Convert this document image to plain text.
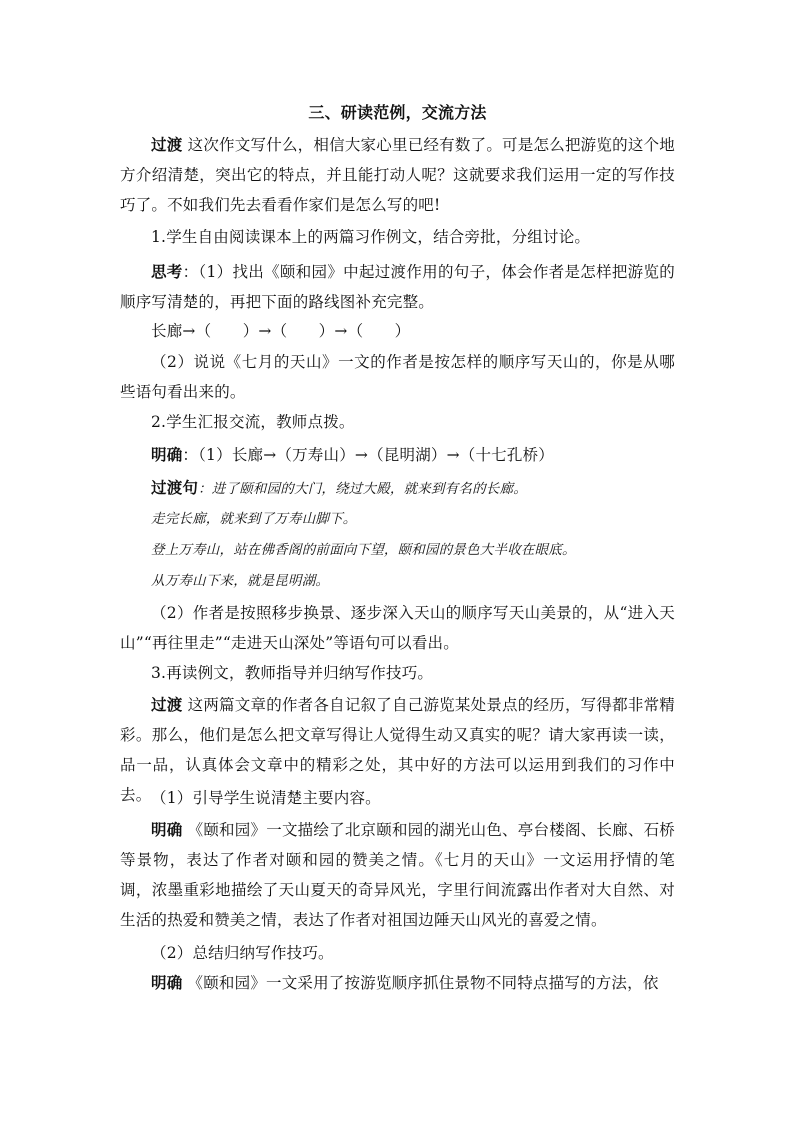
三、研读范例，交流方法
过渡 这次作文写什么，相信大家心里已经有数了。可是怎么把游览的这个地方介绍清楚，突出它的特点，并且能打动人呢？这就要求我们运用一定的写作技巧了。不如我们先去看看作家们是怎么写的吧!
1.学生自由阅读课本上的两篇习作例文，结合旁批，分组讨论。
思考：（1）找出《颐和园》中起过渡作用的句子，体会作者是怎样把游览的顺序写清楚的，再把下面的路线图补充完整。
长廊→（　　）→（　　）→（　　）
（2）说说《七月的天山》一文的作者是按怎样的顺序写天山的，你是从哪些语句看出来的。
2.学生汇报交流，教师点拨。
明确：（1）长廊→（万寿山）→（昆明湖）→（十七孔桥）
过渡句：进了颐和园的大门，绕过大殿，就来到有名的长廊。
走完长廊，就来到了万寿山脚下。
登上万寿山，站在佛香阁的前面向下望，颐和园的景色大半收在眼底。
从万寿山下来，就是昆明湖。
（2）作者是按照移步换景、逐步深入天山的顺序写天山美景的，从“进入天山”“再往里走”“走进天山深处”等语句可以看出。
3.再读例文，教师指导并归纳写作技巧。
过渡 这两篇文章的作者各自记叙了自己游览某处景点的经历，写得都非常精彩。那么，他们是怎么把文章写得让人觉得生动又真实的呢？请大家再读一读，品一品，认真体会文章中的精彩之处，其中好的方法可以运用到我们的习作中去。 （1）引导学生说清楚主要内容。
明确 《颐和园》一文描绘了北京颐和园的湖光山色、亭台楼阁、长廊、石桥等景物，表达了作者对颐和园的赞美之情。《七月的天山》一文运用抒情的笔调，浓墨重彩地描绘了天山夏天的奇异风光，字里行间流露出作者对大自然、对生活的热爱和赞美之情，表达了作者对祖国边陲天山风光的喜爱之情。
（2）总结归纳写作技巧。
明确 《颐和园》一文采用了按游览顺序抓住景物不同特点描写的方法，依
